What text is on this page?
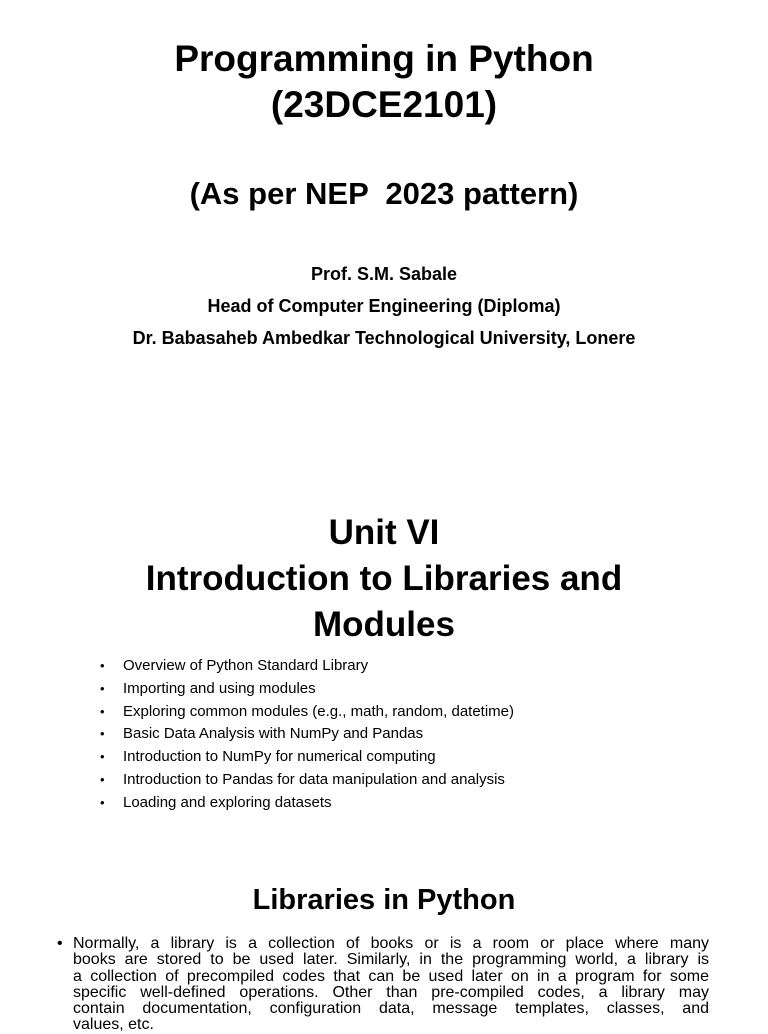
Programming in Python
(23DCE2101)
(As per NEP  2023 pattern)
Prof. S.M. Sabale
Head of Computer Engineering (Diploma)
Dr. Babasaheb Ambedkar Technological University, Lonere
Unit VI
Introduction to Libraries and
Modules
• Overview of Python Standard Library
• Importing and using modules
• Exploring common modules (e.g., math, random, datetime)
• Basic Data Analysis with NumPy and Pandas
• Introduction to NumPy for numerical computing
• Introduction to Pandas for data manipulation and analysis
• Loading and exploring datasets
Libraries in Python
• Normally, a library is a collection of books or is a room or place where many
books are stored to be used later. Similarly, in the programming world, a library is
a collection of precompiled codes that can be used later on in a program for some
specific well-defined operations. Other than pre-compiled codes, a library may
contain documentation, configuration data, message templates, classes, and
values, etc.
